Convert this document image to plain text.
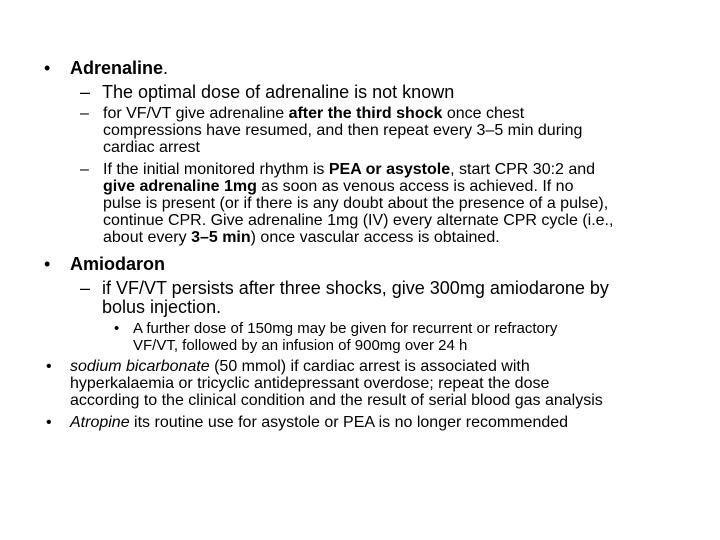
• Adrenaline.

– The optimal dose of adrenaline is not known

– for VF/VT give adrenaline after the third shock once chest

compressions have resumed, and then repeat every 3–5 min during

cardiac arrest

– If the initial monitored rhythm is PEA or asystole, start CPR 30:2 and

give adrenaline 1mg as soon as venous access is achieved. If no

pulse is present (or if there is any doubt about the presence of a pulse),

continue CPR. Give adrenaline 1mg (IV) every alternate CPR cycle (i.e.,

about every 3–5 min) once vascular access is obtained.

• Amiodaron

– if VF/VT persists after three shocks, give 300mg amiodarone by

bolus injection.

• A further dose of 150mg may be given for recurrent or refractory

VF/VT, followed by an infusion of 900mg over 24 h

• sodium bicarbonate (50 mmol) if cardiac arrest is associated with

hyperkalaemia or tricyclic antidepressant overdose; repeat the dose

according to the clinical condition and the result of serial blood gas analysis

• Atropine its routine use for asystole or PEA is no longer recommended
